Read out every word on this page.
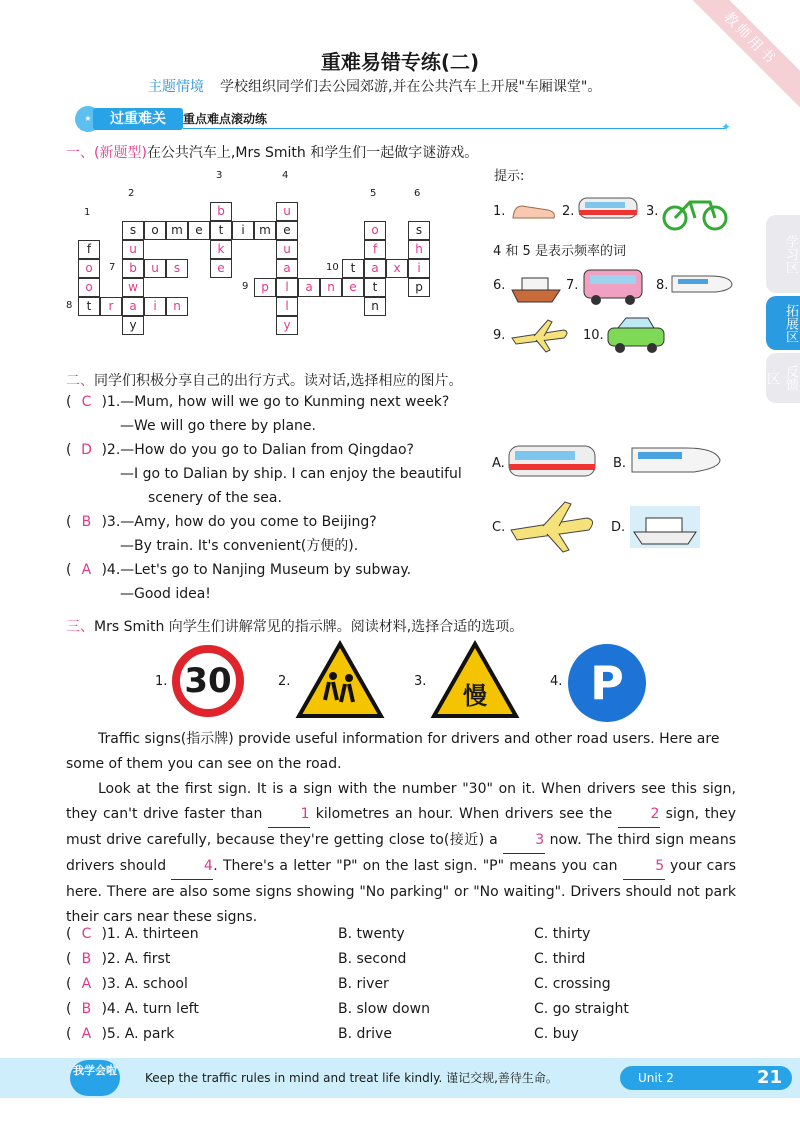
教师用书
重难易错专练(二)
主题情境 学校组织同学们去公园郊游,并在公共汽车上开展"车厢课堂"。
★	过重难关	重点难点滚动练
✦
一、(新题型)在公共汽车上,Mrs Smith 和学生们一起做字谜游戏。
b	u
s	o	m	e	t	i	m	e	o	s
f	u	k	u	f	h
o	b	u	s	e	a	t	a	x	i
o	w	p	l	a	n	e	t	p
t	r	a	i	n	l	n
y	y
1
2
3	4
5	6
7
8
9
10
提示:
1.	2.	3.
4 和 5 是表示频率的词
6.	7.	8.
9.	10.
二、同学们积极分享自己的出行方式。读对话,选择相应的图片。
( C )1.—Mum, how will we go to Kunming next week?
—We will go there by plane.
( D )2.—How do you go to Dalian from Qingdao?
—I go to Dalian by ship. I can enjoy the beautiful
scenery of the sea.
( B )3.—Amy, how do you come to Beijing?
—By train. It's convenient(方便的).
( A )4.—Let's go to Nanjing Museum by subway.
—Good idea!
A.	B.
C.	D.
三、Mrs Smith 向学生们讲解常见的指示牌。阅读材料,选择合适的选项。
1.	2.	3.	4.
30	慢	P
Traffic signs(指示牌) provide useful information for drivers and other road users. Here are some of them you can see on the road.
Look at the first sign. It is a sign with the number "30" on it. When drivers see this sign, they can't drive faster than	1 kilometres an hour. When drivers see the	2 sign, they must drive carefully, because they're getting close to(接近) a	3 now. The third sign means drivers should	4. There's a letter "P" on the last sign. "P" means you can	5 your cars here. There are also some signs showing "No parking" or "No waiting". Drivers should not park their cars near these signs.
( C )1. A. thirteen	B. twenty	C. thirty
( B )2. A. first	B. second	C. third
( A )3. A. school	B. river	C. crossing
( B )4. A. turn left	B. slow down	C. go straight
( A )5. A. park	B. drive	C. buy
学习区
拓展区
反馈区
我学会啦
Keep the traffic rules in mind and treat life kindly. 谨记交规,善待生命。	Unit 2	21
